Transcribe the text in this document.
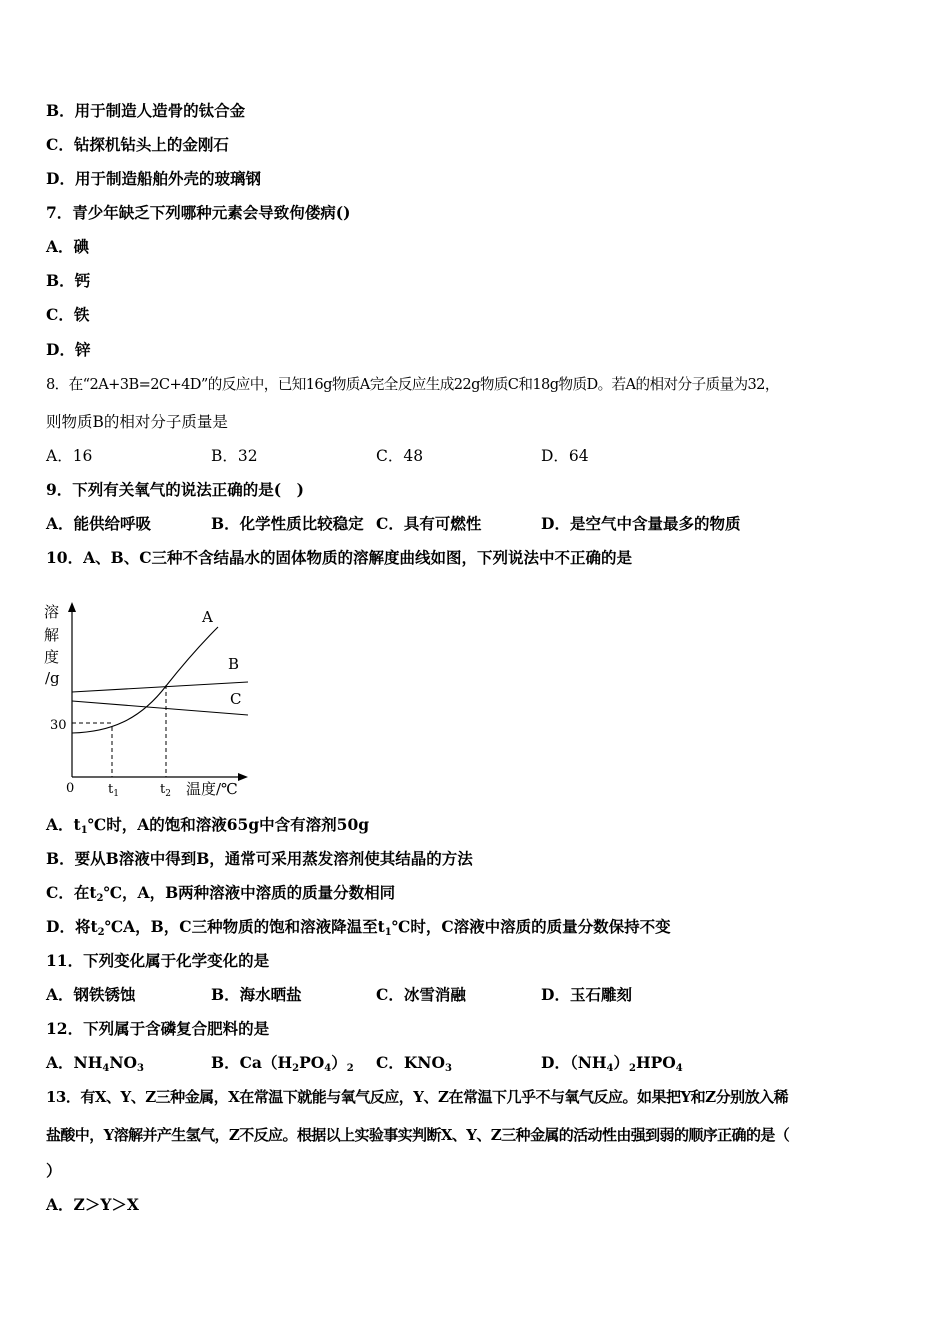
B．用于制造人造骨的钛合金
C．钻探机钻头上的金刚石
D．用于制造船舶外壳的玻璃钢
7．青少年缺乏下列哪种元素会导致佝偻病()
A．碘
B．钙
C．铁
D．锌
8．在“2A+3B=2C+4D”的反应中，已知16g物质A完全反应生成22g物质C和18g物质D。若A的相对分子质量为32，
则物质B的相对分子质量是
A．16	B．32	C．48	D．64
9．下列有关氧气的说法正确的是(　)
A．能供给呼吸	B．化学性质比较稳定 C．具有可燃性	D．是空气中含量最多的物质
10．A、B、C三种不含结晶水的固体物质的溶解度曲线如图，下列说法中不正确的是
溶
解
度
/g
30
0	$t_1$	$t_2$ 温度/℃
A
B
C
A．$t_1℃$时，A的饱和溶液65g中含有溶剂50g
B．要从B溶液中得到B，通常可采用蒸发溶剂使其结晶的方法
C．在$t_2℃$，A，B两种溶液中溶质的质量分数相同
D．将$t_2℃A$，B，C三种物质的饱和溶液降温至$t_1℃$时，C溶液中溶质的质量分数保持不变
11．下列变化属于化学变化的是
A．钢铁锈蚀	B．海水晒盐	C．冰雪消融	D．玉石雕刻
12．下列属于含磷复合肥料的是
A．$NH_4NO_3$	B．$Ca(H_2PO_4)_2$ C．$KNO_3$	D．$(NH_4)_2HPO_4$
13．有X、Y、Z三种金属，X在常温下就能与氧气反应，Y、Z在常温下几乎不与氧气反应。如果把Y和Z分别放入稀
盐酸中，Y溶解并产生氢气，Z不反应。根据以上实验事实判断X、Y、Z三种金属的活动性由强到弱的顺序正确的是（
）
A．Z＞Y＞X
